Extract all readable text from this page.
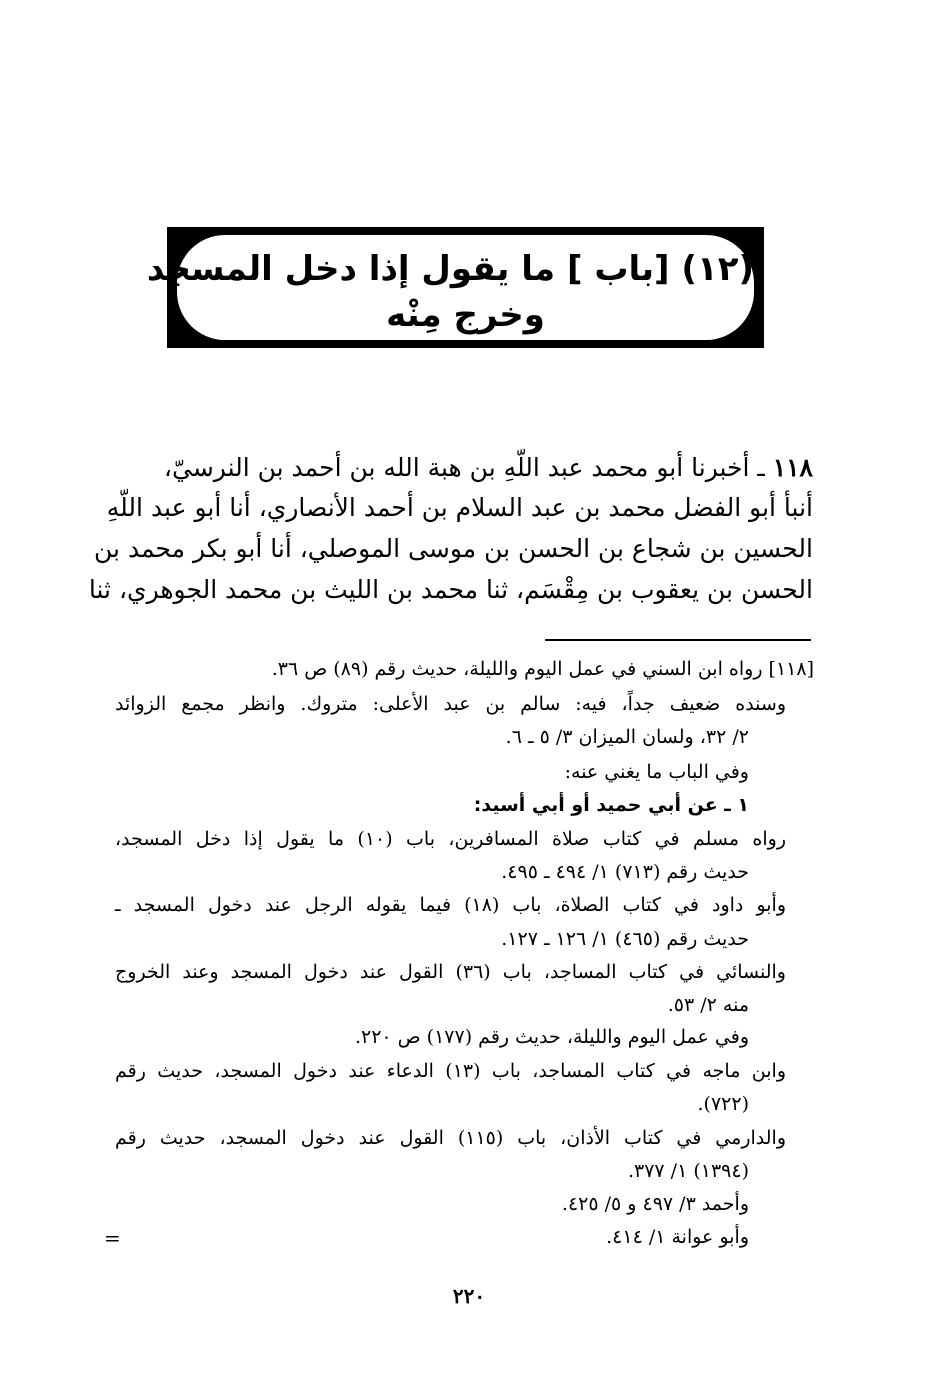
(١٢) [باب ] ما يقول إذا دخل المسجد
وخرج مِنْه
١١٨ ـ أخبرنا أبو محمد عبد اللّهِ بن هبة الله بن أحمد بن النرسيّ،
أنبأ أبو الفضل محمد بن عبد السلام بن أحمد الأنصاري، أنا أبو عبد اللّهِ
الحسين بن شجاع بن الحسن بن موسى الموصلي، أنا أبو بكر محمد بن
الحسن بن يعقوب بن مِقْسَم، ثنا محمد بن الليث بن محمد الجوهري، ثنا
[١١٨] رواه ابن السني في عمل اليوم والليلة، حديث رقم (٨٩) ص ٣٦.
وسنده ضعيف جداً، فيه: سالم بن عبد الأعلى: متروك. وانظر مجمع الزوائد
٢/ ٣٢، ولسان الميزان ٣/ ٥ ـ ٦.
وفي الباب ما يغني عنه:
١ ـ عن أبي حميد أو أبي أسيد:
رواه مسلم في كتاب صلاة المسافرين، باب (١٠) ما يقول إذا دخل المسجد،
حديث رقم (٧١٣) ١/ ٤٩٤ ـ ٤٩٥.
وأبو داود في كتاب الصلاة، باب (١٨) فيما يقوله الرجل عند دخول المسجد ـ
حديث رقم (٤٦٥) ١/ ١٢٦ ـ ١٢٧.
والنسائي في كتاب المساجد، باب (٣٦) القول عند دخول المسجد وعند الخروج
منه ٢/ ٥٣.
وفي عمل اليوم والليلة، حديث رقم (١٧٧) ص ٢٢٠.
وابن ماجه في كتاب المساجد، باب (١٣) الدعاء عند دخول المسجد، حديث رقم
(٧٢٢).
والدارمي في كتاب الأذان، باب (١١٥) القول عند دخول المسجد، حديث رقم
(١٣٩٤) ١/ ٣٧٧.
وأحمد ٣/ ٤٩٧ و ٥/ ٤٢٥.
وأبو عوانة ١/ ٤١٤.
=
٢٢٠
